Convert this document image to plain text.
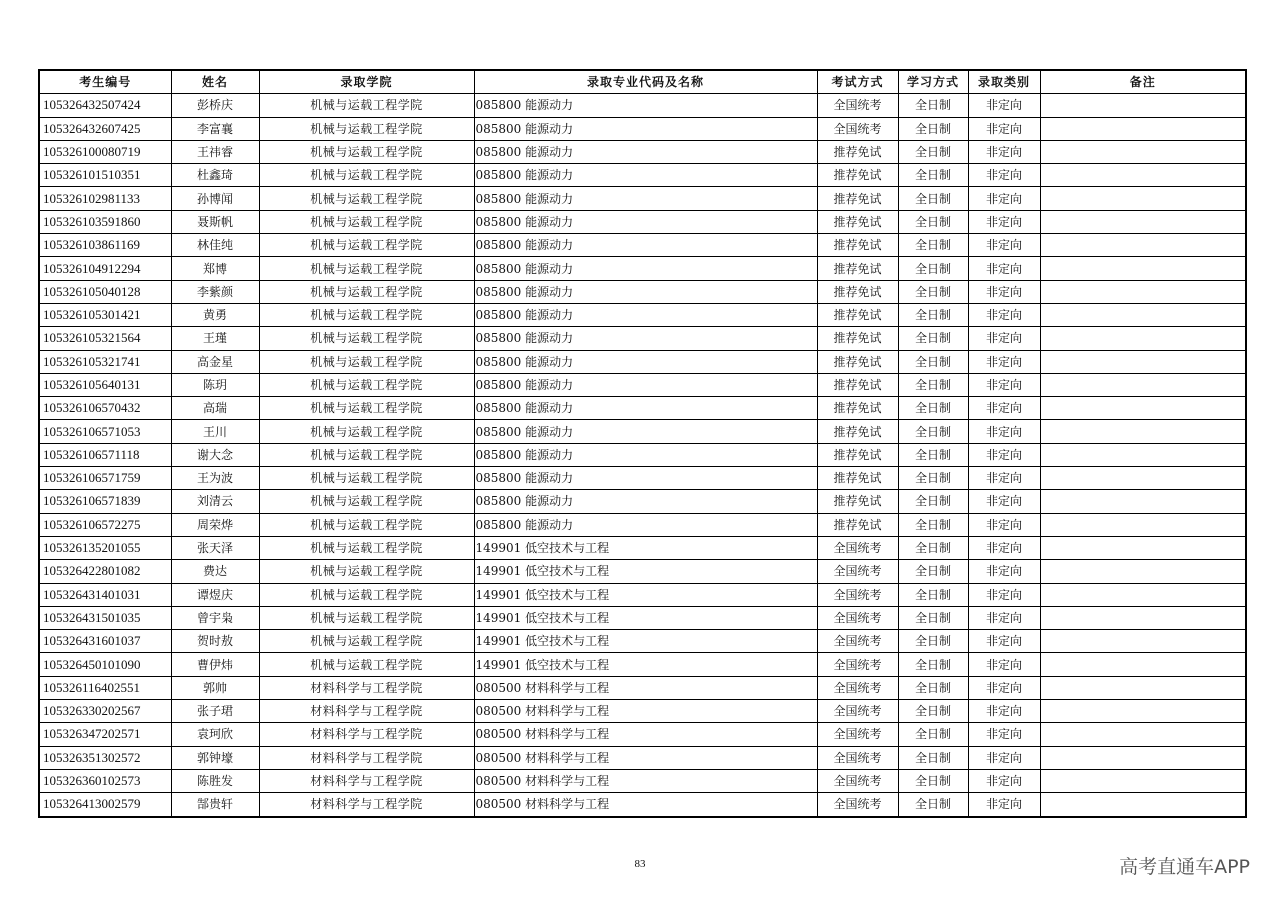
考生编号	姓名	录取学院	录取专业代码及名称	考试方式	学习方式	录取类别	备注
105326432507424	彭桥庆	机械与运载工程学院	085800 能源动力	全国统考	全日制	非定向	
105326432607425	李富襄	机械与运载工程学院	085800 能源动力	全国统考	全日制	非定向	
105326100080719	王祎睿	机械与运载工程学院	085800 能源动力	推荐免试	全日制	非定向	
105326101510351	杜鑫琦	机械与运载工程学院	085800 能源动力	推荐免试	全日制	非定向	
105326102981133	孙博闻	机械与运载工程学院	085800 能源动力	推荐免试	全日制	非定向	
105326103591860	聂斯帆	机械与运载工程学院	085800 能源动力	推荐免试	全日制	非定向	
105326103861169	林佳纯	机械与运载工程学院	085800 能源动力	推荐免试	全日制	非定向	
105326104912294	郑博	机械与运载工程学院	085800 能源动力	推荐免试	全日制	非定向	
105326105040128	李紫颜	机械与运载工程学院	085800 能源动力	推荐免试	全日制	非定向	
105326105301421	黄勇	机械与运载工程学院	085800 能源动力	推荐免试	全日制	非定向	
105326105321564	王瑾	机械与运载工程学院	085800 能源动力	推荐免试	全日制	非定向	
105326105321741	高金星	机械与运载工程学院	085800 能源动力	推荐免试	全日制	非定向	
105326105640131	陈玥	机械与运载工程学院	085800 能源动力	推荐免试	全日制	非定向	
105326106570432	高瑞	机械与运载工程学院	085800 能源动力	推荐免试	全日制	非定向	
105326106571053	王川	机械与运载工程学院	085800 能源动力	推荐免试	全日制	非定向	
105326106571118	谢大念	机械与运载工程学院	085800 能源动力	推荐免试	全日制	非定向	
105326106571759	王为波	机械与运载工程学院	085800 能源动力	推荐免试	全日制	非定向	
105326106571839	刘清云	机械与运载工程学院	085800 能源动力	推荐免试	全日制	非定向	
105326106572275	周荣烨	机械与运载工程学院	085800 能源动力	推荐免试	全日制	非定向	
105326135201055	张天泽	机械与运载工程学院	149901 低空技术与工程	全国统考	全日制	非定向	
105326422801082	费达	机械与运载工程学院	149901 低空技术与工程	全国统考	全日制	非定向	
105326431401031	谭煜庆	机械与运载工程学院	149901 低空技术与工程	全国统考	全日制	非定向	
105326431501035	曾宇枭	机械与运载工程学院	149901 低空技术与工程	全国统考	全日制	非定向	
105326431601037	贺时敖	机械与运载工程学院	149901 低空技术与工程	全国统考	全日制	非定向	
105326450101090	曹伊炜	机械与运载工程学院	149901 低空技术与工程	全国统考	全日制	非定向	
105326116402551	郭帅	材料科学与工程学院	080500 材料科学与工程	全国统考	全日制	非定向	
105326330202567	张子珺	材料科学与工程学院	080500 材料科学与工程	全国统考	全日制	非定向	
105326347202571	袁珂欣	材料科学与工程学院	080500 材料科学与工程	全国统考	全日制	非定向	
105326351302572	郭钟壕	材料科学与工程学院	080500 材料科学与工程	全国统考	全日制	非定向	
105326360102573	陈胜发	材料科学与工程学院	080500 材料科学与工程	全国统考	全日制	非定向	
105326413002579	郜贵轩	材料科学与工程学院	080500 材料科学与工程	全国统考	全日制	非定向	
83	高考直通车APP
